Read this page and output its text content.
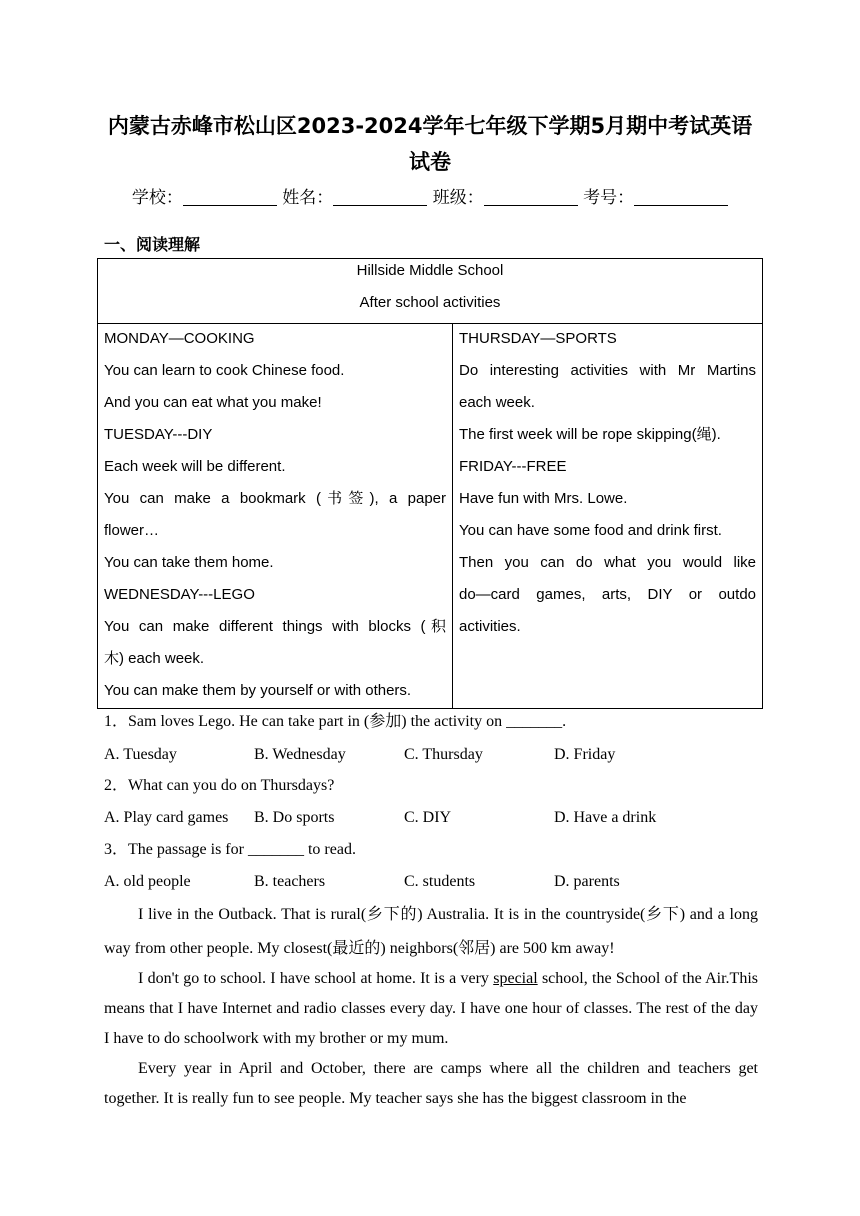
内蒙古赤峰市松山区2023-2024学年七年级下学期5月期中考试英语
试卷
学校：	姓名：	班级：	考号：
一、阅读理解
Hillside Middle School
After school activities

MONDAY—COOKING

You can learn to cook Chinese food.

And you can eat what you make!

TUESDAY---DIY

Each week will be different.

You can make a bookmark (书签), a paper

flower…

You can take them home.

WEDNESDAY---LEGO

You can make different things with blocks (积

木) each week.

You can make them by yourself or with others.

THURSDAY—SPORTS

Do interesting activities with Mr Martins

each week.

The first week will be rope skipping(绳).

FRIDAY---FREE

Have fun with Mrs. Lowe.

You can have some food and drink first.

Then you can do what you would like

do—card games, arts, DIY or outdo

activities.

1．Sam loves Lego. He can take part in (参加) the activity on _______.
A. Tuesday	B. Wednesday	C. Thursday	D. Friday
2．What can you do on Thursdays?
A. Play card games B. Do sports	C. DIY	D. Have a drink
3．The passage is for _______ to read.
A. old people	B. teachers	C. students	D. parents
I live in the Outback. That is rural(乡下的) Australia. It is in the countryside(乡下) and a long way from other people. My closest(最近的) neighbors(邻居) are 500 km away!
I don't go to school. I have school at home. It is a very special school, the School of the Air.This means that I have Internet and radio classes every day. I have one hour of classes. The rest of the day I have to do schoolwork with my brother or my mum.
Every year in April and October, there are camps where all the children and teachers get together. It is really fun to see people. My teacher says she has the biggest classroom in the
